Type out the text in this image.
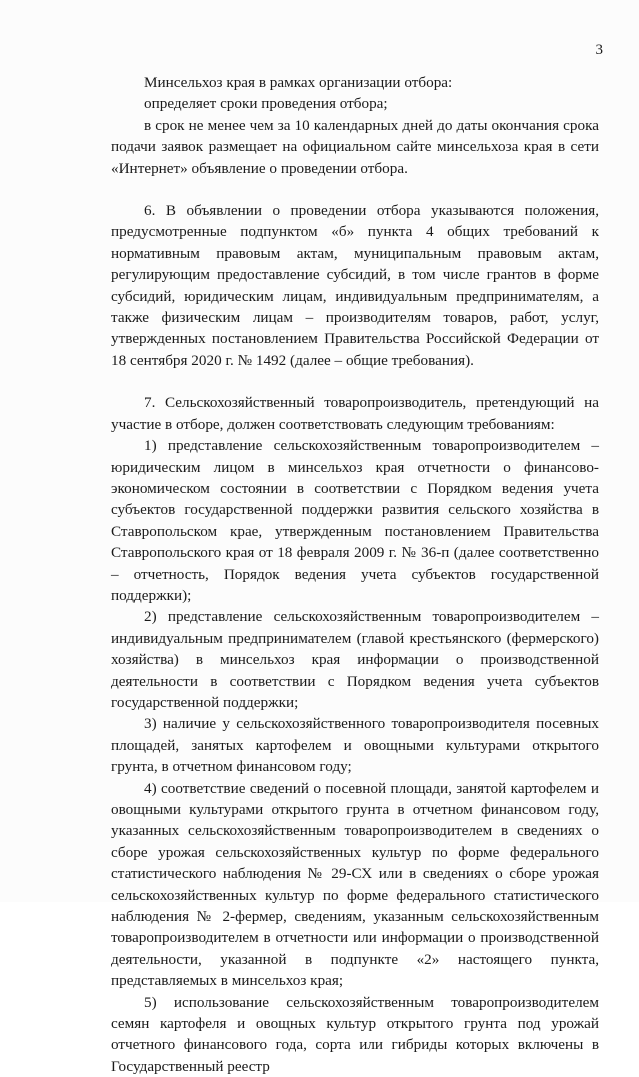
3

Минсельхоз края в рамках организации отбора:

определяет сроки проведения отбора;

в срок не менее чем за 10 календарных дней до даты окончания срока подачи заявок размещает на официальном сайте минсельхоза края в сети «Интернет» объявление о проведении отбора.

6. В объявлении о проведении отбора указываются положения, предусмотренные подпунктом «б» пункта 4 общих требований к нормативным правовым актам, муниципальным правовым актам, регулирующим предоставление субсидий, в том числе грантов в форме субсидий, юридическим лицам, индивидуальным предпринимателям, а также физическим лицам – производителям товаров, работ, услуг, утвержденных постановлением Правительства Российской Федерации от 18 сентября 2020 г. № 1492 (далее – общие требования).

7. Сельскохозяйственный товаропроизводитель, претендующий на участие в отборе, должен соответствовать следующим требованиям:

1) представление сельскохозяйственным товаропроизводителем – юридическим лицом в минсельхоз края отчетности о финансово-экономическом состоянии в соответствии с Порядком ведения учета субъектов государственной поддержки развития сельского хозяйства в Ставропольском крае, утвержденным постановлением Правительства Ставропольского края от 18 февраля 2009 г. № 36-п (далее соответственно – отчетность, Порядок ведения учета субъектов государственной поддержки);

2) представление сельскохозяйственным товаропроизводителем – индивидуальным предпринимателем (главой крестьянского (фермерского) хозяйства) в минсельхоз края информации о производственной деятельности в соответствии с Порядком ведения учета субъектов государственной поддержки;

3) наличие у сельскохозяйственного товаропроизводителя посевных площадей, занятых картофелем и овощными культурами открытого грунта, в отчетном финансовом году;

4) соответствие сведений о посевной площади, занятой картофелем и овощными культурами открытого грунта в отчетном финансовом году, указанных сельскохозяйственным товаропроизводителем в сведениях о сборе урожая сельскохозяйственных культур по форме федерального статистического наблюдения № 29-СХ или в сведениях о сборе урожая сельскохозяйственных культур по форме федерального статистического наблюдения № 2-фермер, сведениям, указанным сельскохозяйственным товаропроизводителем в отчетности или информации о производственной деятельности, указанной в подпункте «2» настоящего пункта, представляемых в минсельхоз края;

5) использование сельскохозяйственным товаропроизводителем семян картофеля и овощных культур открытого грунта под урожай отчетного финансового года, сорта или гибриды которых включены в Государственный реестр
